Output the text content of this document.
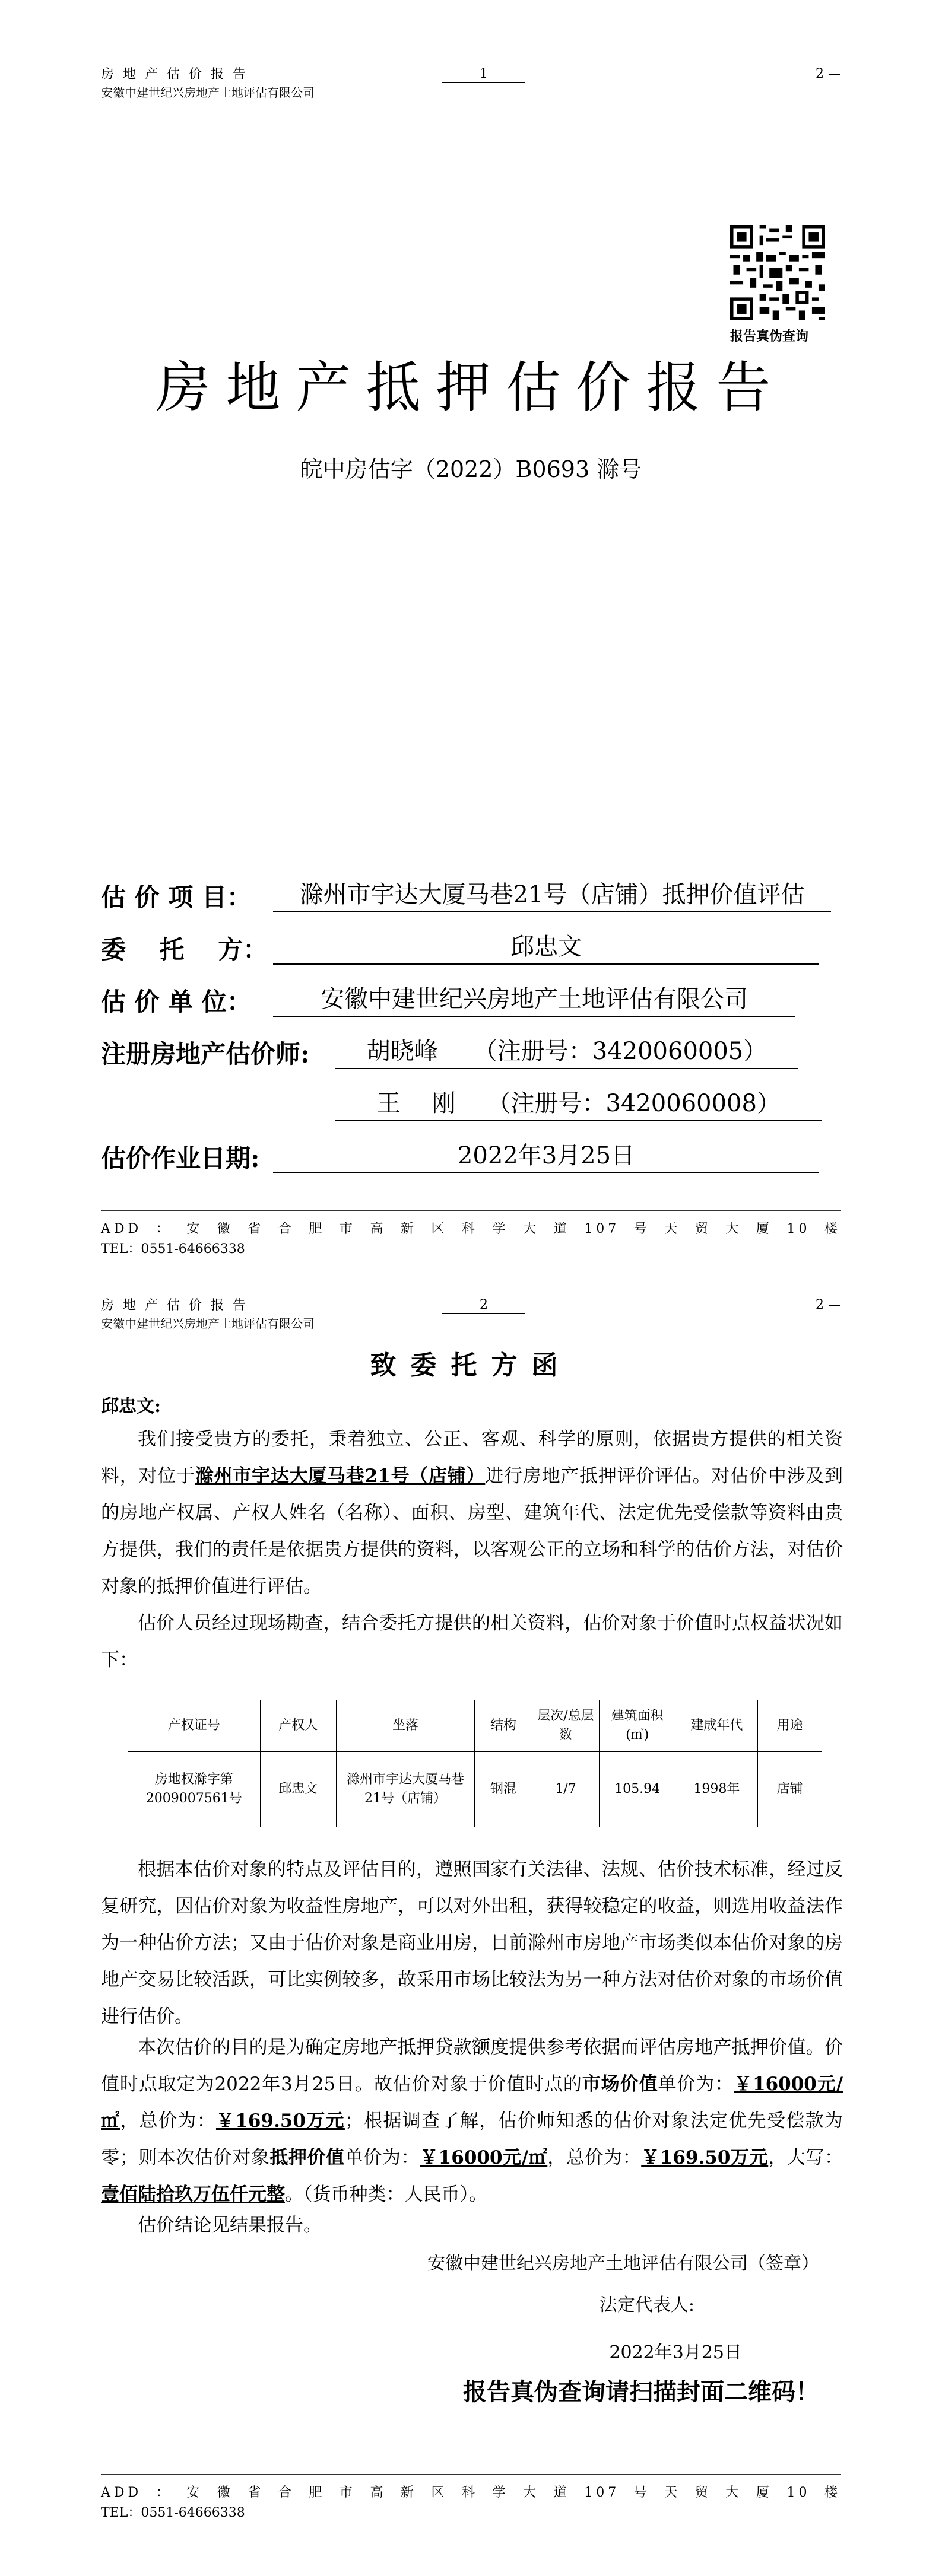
房地产估价报告
安徽中建世纪兴房地产土地评估有限公司
1	2 —
报告真伪查询
房地产抵押估价报告
皖中房估字（2022）B0693 滁号
估 价 项 目：	滁州市宇达大厦马巷21号（店铺）抵押价值评估
委　 托　 方：	邱忠文
估 价 单 位：	安徽中建世纪兴房地产土地评估有限公司
注册房地产估价师:	胡晓峰　　（注册号：3420060005）
王　 刚　 （注册号：3420060008）
估价作业日期:	2022年3月25日
ADD：安徽省合肥市高新区科学大道107号天贸大厦10楼
TEL：0551-64666338
房地产估价报告
安徽中建世纪兴房地产土地评估有限公司
2	2 —
致委托方函
邱忠文:

我们接受贵方的委托，秉着独立、公正、客观、科学的原则，依据贵方提供的相关资料，对位于滁州市宇达大厦马巷21号（店铺）进行房地产抵押评价评估。对估价中涉及到的房地产权属、产权人姓名（名称）、面积、房型、建筑年代、法定优先受偿款等资料由贵方提供，我们的责任是依据贵方提供的资料，以客观公正的立场和科学的估价方法，对估价对象的抵押价值进行评估。

估价人员经过现场勘查，结合委托方提供的相关资料，估价对象于价值时点权益状况如下：

产权证号	产权人	坐落	结构	层次/总层数	建筑面积(㎡)	建成年代	用途
房地权滁字第2009007561号	邱忠文	滁州市宇达大厦马巷21号（店铺）	钢混	1/7	105.94	1998年	店铺

根据本估价对象的特点及评估目的，遵照国家有关法律、法规、估价技术标准，经过反复研究，因估价对象为收益性房地产，可以对外出租，获得较稳定的收益，则选用收益法作为一种估价方法；又由于估价对象是商业用房，目前滁州市房地产市场类似本估价对象的房地产交易比较活跃，可比实例较多，故采用市场比较法为另一种方法对估价对象的市场价值进行估价。

本次估价的目的是为确定房地产抵押贷款额度提供参考依据而评估房地产抵押价值。价值时点取定为2022年3月25日。故估价对象于价值时点的市场价值单价为：￥16000元/㎡，总价为：￥169.50万元；根据调查了解，估价师知悉的估价对象法定优先受偿款为零；则本次估价对象抵押价值单价为：￥16000元/㎡，总价为：￥169.50万元，大写：壹佰陆拾玖万伍仟元整。（货币种类：人民币）。

估价结论见结果报告。

安徽中建世纪兴房地产土地评估有限公司（签章）
法定代表人:
2022年3月25日
报告真伪查询请扫描封面二维码！
ADD：安徽省合肥市高新区科学大道107号天贸大厦10楼
TEL：0551-64666338
